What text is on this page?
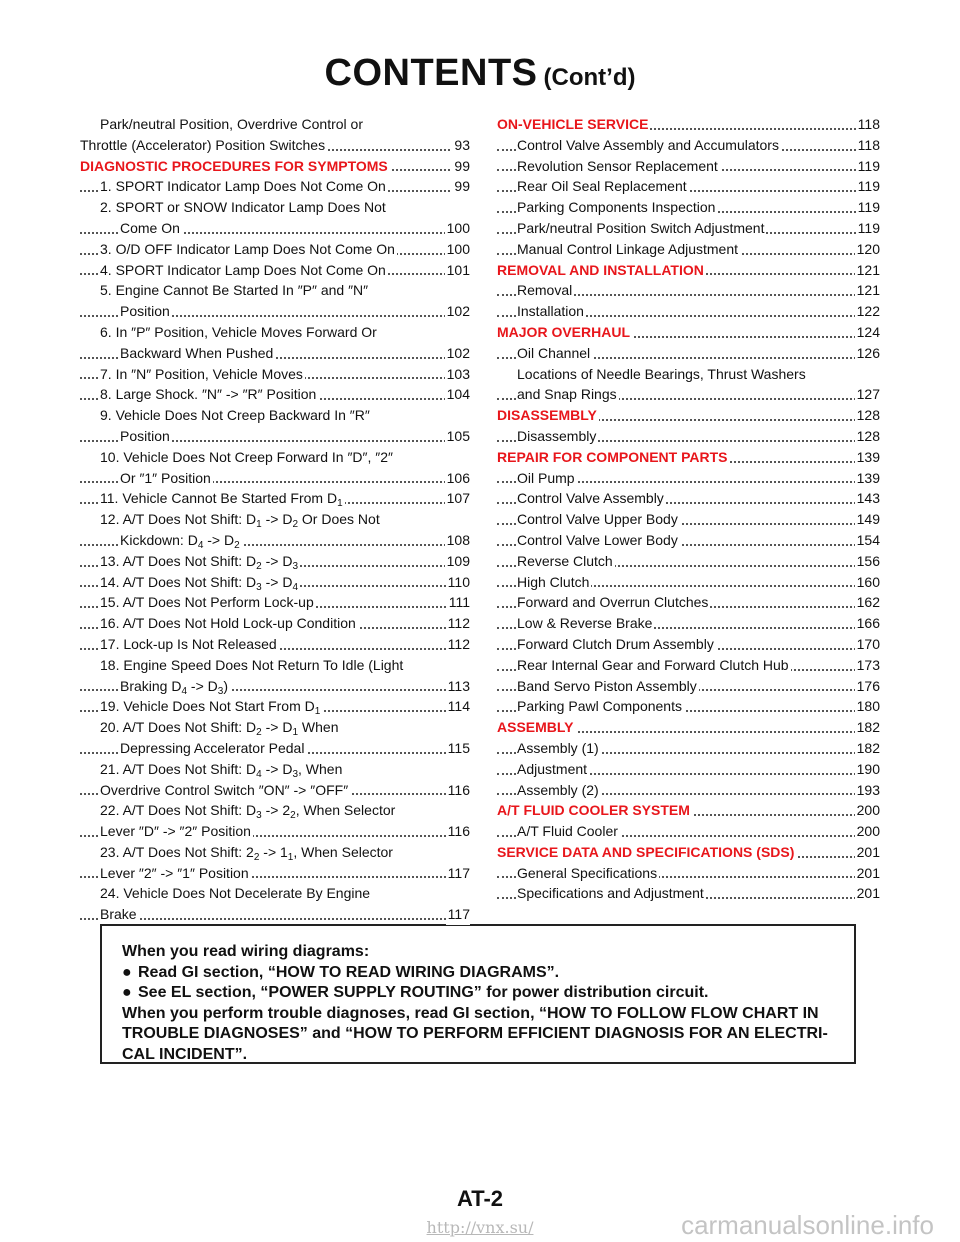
CONTENTS (Cont’d)
Park/neutral Position, Overdrive Control or
Throttle (Accelerator) Position Switches	93
DIAGNOSTIC PROCEDURES FOR SYMPTOMS	99
1. SPORT Indicator Lamp Does Not Come On	99
2. SPORT or SNOW Indicator Lamp Does Not
Come On	100
3. O/D OFF Indicator Lamp Does Not Come On	100
4. SPORT Indicator Lamp Does Not Come On	101
5. Engine Cannot Be Started In ″P″ and ″N″
Position	102
6. In ″P″ Position, Vehicle Moves Forward Or
Backward When Pushed	102
7. In ″N″ Position, Vehicle Moves	103
8. Large Shock. ″N″ -> ″R″ Position	104
9. Vehicle Does Not Creep Backward In ″R″
Position	105
10. Vehicle Does Not Creep Forward In ″D″, ″2″
Or ″1″ Position	106
11. Vehicle Cannot Be Started From $D_1$	107
12. A/T Does Not Shift: $D_1 -> D_2$ Or Does Not
Kickdown: $D_4 -> D_2$	108
13. A/T Does Not Shift: $D_2 -> D_3$	109
14. A/T Does Not Shift: $D_3 -> D_4$	110
15. A/T Does Not Perform Lock-up	111
16. A/T Does Not Hold Lock-up Condition	112
17. Lock-up Is Not Released	112
18. Engine Speed Does Not Return To Idle (Light
Braking $D_4 -> D_3$)	113
19. Vehicle Does Not Start From $D_1$	114
20. A/T Does Not Shift: $D_2 -> D_1$ When
Depressing Accelerator Pedal	115
21. A/T Does Not Shift: $D_4 -> D_3$, When
Overdrive Control Switch ″ON″ -> ″OFF″	116
22. A/T Does Not Shift: $D_3 -> 2_2$, When Selector
Lever ″D″ -> ″2″ Position	116
23. A/T Does Not Shift: $2_2 -> 1_1$, When Selector
Lever ″2″ -> ″1″ Position	117
24. Vehicle Does Not Decelerate By Engine
Brake	117
ON-VEHICLE SERVICE	118
Control Valve Assembly and Accumulators	118
Revolution Sensor Replacement	119
Rear Oil Seal Replacement	119
Parking Components Inspection	119
Park/neutral Position Switch Adjustment	119
Manual Control Linkage Adjustment	120
REMOVAL AND INSTALLATION	121
Removal	121
Installation	122
MAJOR OVERHAUL	124
Oil Channel	126
Locations of Needle Bearings, Thrust Washers
and Snap Rings	127
DISASSEMBLY	128
Disassembly	128
REPAIR FOR COMPONENT PARTS	139
Oil Pump	139
Control Valve Assembly	143
Control Valve Upper Body	149
Control Valve Lower Body	154
Reverse Clutch	156
High Clutch	160
Forward and Overrun Clutches	162
Low & Reverse Brake	166
Forward Clutch Drum Assembly	170
Rear Internal Gear and Forward Clutch Hub	173
Band Servo Piston Assembly	176
Parking Pawl Components	180
ASSEMBLY	182
Assembly (1)	182
Adjustment	190
Assembly (2)	193
A/T FLUID COOLER SYSTEM	200
A/T Fluid Cooler	200
SERVICE DATA AND SPECIFICATIONS (SDS)	201
General Specifications	201
Specifications and Adjustment	201
When you read wiring diagrams:
● Read GI section, “HOW TO READ WIRING DIAGRAMS”.
● See EL section, “POWER SUPPLY ROUTING” for power distribution circuit.
When you perform trouble diagnoses, read GI section, “HOW TO FOLLOW FLOW CHART IN
TROUBLE DIAGNOSES” and “HOW TO PERFORM EFFICIENT DIAGNOSIS FOR AN ELECTRI-
CAL INCIDENT”.
AT-2
http://vnx.su/	carmanualsonline.info
